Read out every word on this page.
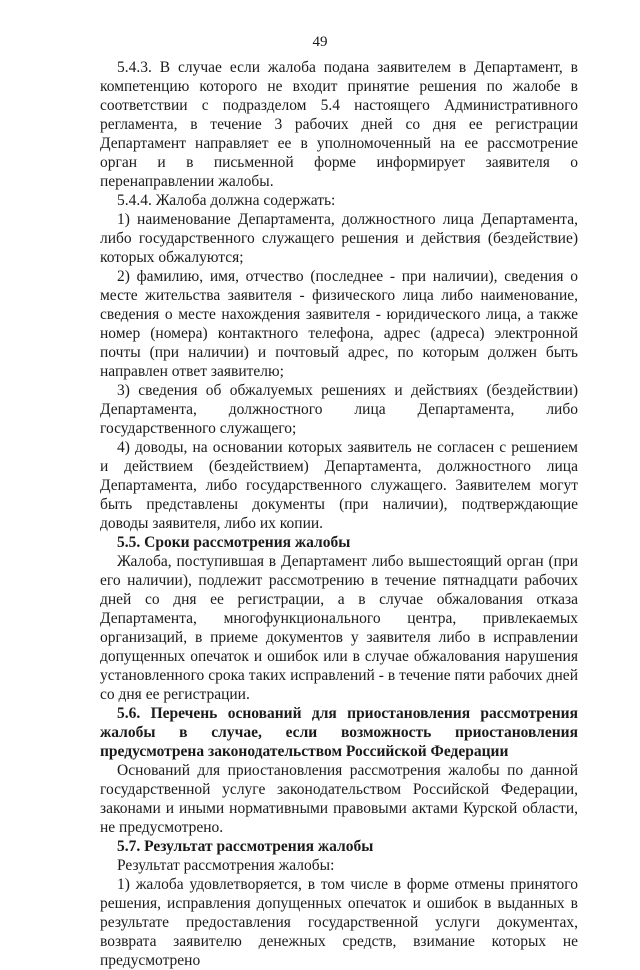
49

5.4.3. В случае если жалоба подана заявителем в Департамент, в компетенцию которого не входит принятие решения по жалобе в соответствии с подразделом 5.4 настоящего Административного регламента, в течение 3 рабочих дней со дня ее регистрации Департамент направляет ее в уполномоченный на ее рассмотрение орган и в письменной форме информирует заявителя о перенаправлении жалобы.

5.4.4. Жалоба должна содержать:

1) наименование Департамента, должностного лица Департамента, либо государственного служащего решения и действия (бездействие) которых обжалуются;

2) фамилию, имя, отчество (последнее - при наличии), сведения о месте жительства заявителя - физического лица либо наименование, сведения о месте нахождения заявителя - юридического лица, а также номер (номера) контактного телефона, адрес (адреса) электронной почты (при наличии) и почтовый адрес, по которым должен быть направлен ответ заявителю;

3) сведения об обжалуемых решениях и действиях (бездействии) Департамента, должностного лица Департамента, либо государственного служащего;

4) доводы, на основании которых заявитель не согласен с решением и действием (бездействием) Департамента, должностного лица Департамента, либо государственного служащего. Заявителем могут быть представлены документы (при наличии), подтверждающие доводы заявителя, либо их копии.

5.5. Сроки рассмотрения жалобы

Жалоба, поступившая в Департамент либо вышестоящий орган (при его наличии), подлежит рассмотрению в течение пятнадцати рабочих дней со дня ее регистрации, а в случае обжалования отказа Департамента, многофункционального центра, привлекаемых организаций, в приеме документов у заявителя либо в исправлении допущенных опечаток и ошибок или в случае обжалования нарушения установленного срока таких исправлений - в течение пяти рабочих дней со дня ее регистрации.

5.6. Перечень оснований для приостановления рассмотрения жалобы в случае, если возможность приостановления предусмотрена законодательством Российской Федерации

Оснований для приостановления рассмотрения жалобы по данной государственной услуге законодательством Российской Федерации, законами и иными нормативными правовыми актами Курской области, не предусмотрено.

5.7. Результат рассмотрения жалобы

Результат рассмотрения жалобы:

1) жалоба удовлетворяется, в том числе в форме отмены принятого решения, исправления допущенных опечаток и ошибок в выданных в результате предоставления государственной услуги документах, возврата заявителю денежных средств, взимание которых не предусмотрено
